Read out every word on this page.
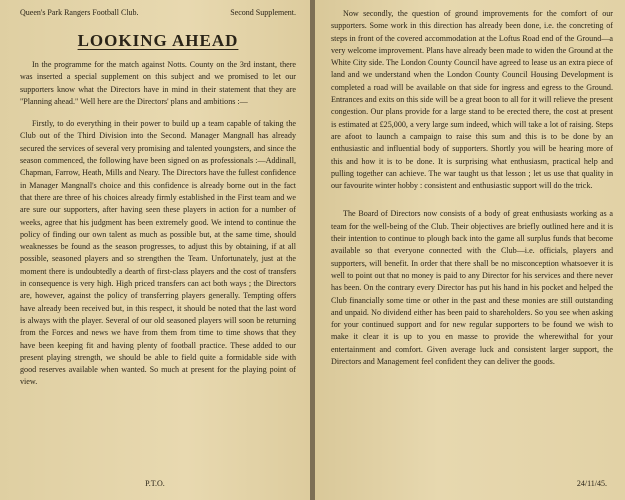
Queen's Park Rangers Football Club.	Second Supplement.
LOOKING AHEAD

In the programme for the match against Notts. County on the 3rd instant, there was inserted a special supplement on this subject and we promised to let our supporters know what the Directors have in mind in their statement that they are "Planning ahead." Well here are the Directors' plans and ambitions :—

Firstly, to do everything in their power to build up a team capable of taking the Club out of the Third Division into the Second. Manager Mangnall has already secured the services of several very promising and talented youngsters, and since the season commenced, the following have been signed on as professionals :—Addinall, Chapman, Farrow, Heath, Mills and Neary. The Directors have the fullest confidence in Manager Mangnall's choice and this confidence is already borne out in the fact that there are three of his choices already firmly established in the First team and we are sure our supporters, after having seen these players in action for a number of weeks, agree that his judgment has been extremely good. We intend to continue the policy of finding our own talent as much as possible but, at the same time, should weaknesses be found as the season progresses, to adjust this by obtaining, if at all possible, seasoned players and so strengthen the Team. Unfortunately, just at the moment there is undoubtedly a dearth of first-class players and the cost of transfers in consequence is very high. High priced transfers can act both ways ; the Directors are, however, against the policy of transferring players generally. Tempting offers have already been received but, in this respect, it should be noted that the last word is always with the player. Several of our old seasoned players will soon be returning from the Forces and news we have from them from time to time shows that they have been keeping fit and having plenty of football practice. These added to our present playing strength, we should be able to field quite a formidable side with good reserves available when wanted. So much at present for the playing point of view.

P.T.O.

Now secondly, the question of ground improvements for the comfort of our supporters. Some work in this direction has already been done, i.e. the concreting of steps in front of the covered accommodation at the Loftus Road end of the Ground—a very welcome improvement. Plans have already been made to widen the Ground at the White City side. The London County Council have agreed to lease us an extra piece of land and we understand when the London County Council Housing Development is completed a road will be available on that side for ingress and egress to the Ground. Entrances and exits on this side will be a great boon to all for it will relieve the present congestion. Our plans provide for a large stand to be erected there, the cost at present is estimated at £25,000, a very large sum indeed, which will take a lot of raising. Steps are afoot to launch a campaign to raise this sum and this is to be done by an enthusiastic and influential body of supporters. Shortly you will be hearing more of this and how it is to be done. It is surprising what enthusiasm, practical help and pulling together can achieve. The war taught us that lesson ; let us use that quality in our favourite winter hobby : consistent and enthusiastic support will do the trick.

The Board of Directors now consists of a body of great enthusiasts working as a team for the well-being of the Club. Their objectives are briefly outlined here and it is their intention to continue to plough back into the game all surplus funds that become available so that everyone connected with the Club—i.e. officials, players and supporters, will benefit. In order that there shall be no misconception whatsoever it is well to point out that no money is paid to any Director for his services and there never has been. On the contrary every Director has put his hand in his pocket and helped the Club financially some time or other in the past and these monies are still outstanding and unpaid. No dividend either has been paid to shareholders. So you see when asking for your continued support and for new regular supporters to be found we wish to make it clear it is up to you en masse to provide the wherewithal for your entertainment and comfort. Given average luck and consistent larger support, the Directors and Management feel confident they can deliver the goods.

24/11/45.
